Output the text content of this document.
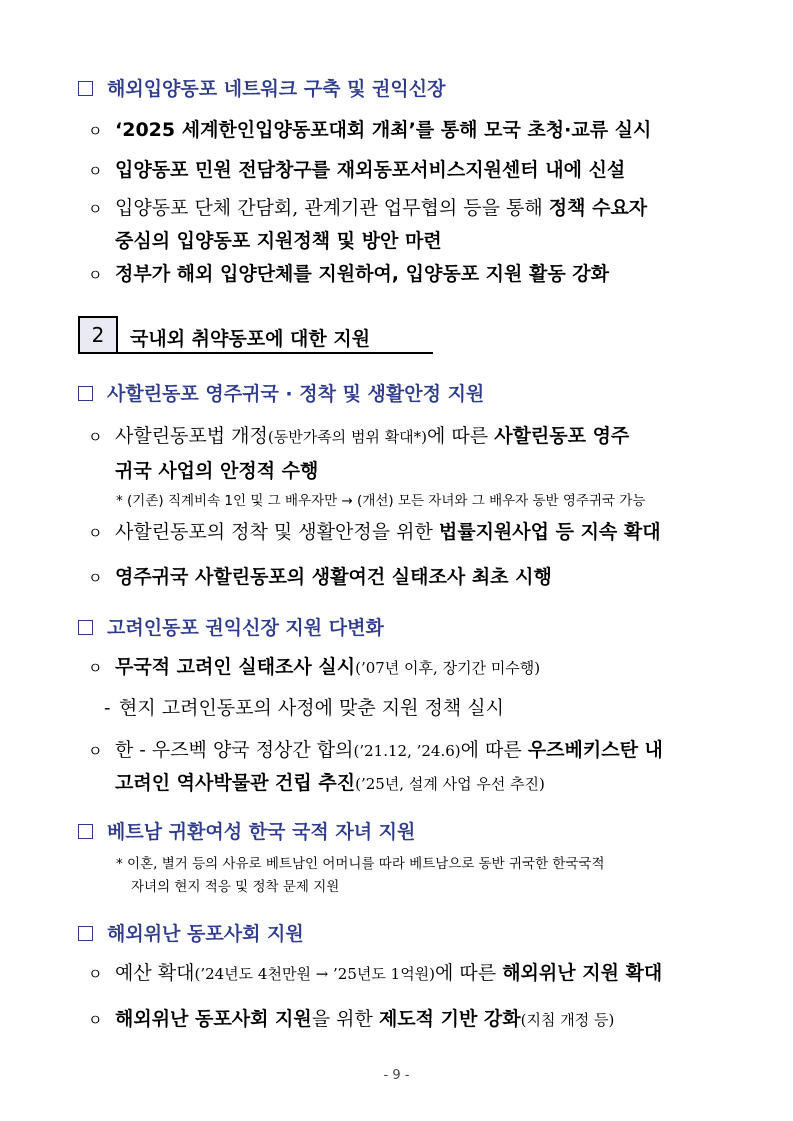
해외입양동포 네트워크 구축 및 권익신장
ㅇ ‘2025 세계한인입양동포대회 개최’를 통해 모국 초청·교류 실시
ㅇ 입양동포 민원 전담창구를 재외동포서비스지원센터 내에 신설
ㅇ 입양동포 단체 간담회, 관계기관 업무협의 등을 통해 정책 수요자
중심의 입양동포 지원정책 및 방안 마련
ㅇ 정부가 해외 입양단체를 지원하여, 입양동포 지원 활동 강화
2	국내외 취약동포에 대한 지원
사할린동포 영주귀국 · 정착 및 생활안정 지원
ㅇ 사할린동포법 개정(동반가족의 범위 확대*)에 따른 사할린동포 영주
귀국 사업의 안정적 수행
* (기존) 직계비속 1인 및 그 배우자만 → (개선) 모든 자녀와 그 배우자 동반 영주귀국 가능
ㅇ 사할린동포의 정착 및 생활안정을 위한 법률지원사업 등 지속 확대
ㅇ 영주귀국 사할린동포의 생활여건 실태조사 최초 시행
고려인동포 권익신장 지원 다변화
ㅇ 무국적 고려인 실태조사 실시(’07년 이후, 장기간 미수행)
- 현지 고려인동포의 사정에 맞춘 지원 정책 실시
ㅇ 한 - 우즈벡 양국 정상간 합의(’21.12, ’24.6)에 따른 우즈베키스탄 내
고려인 역사박물관 건립 추진(’25년, 설계 사업 우선 추진)
베트남 귀환여성 한국 국적 자녀 지원
* 이혼, 별거 등의 사유로 베트남인 어머니를 따라 베트남으로 동반 귀국한 한국국적
자녀의 현지 적응 및 정착 문제 지원
해외위난 동포사회 지원
ㅇ 예산 확대(’24년도 4천만원 → ’25년도 1억원)에 따른 해외위난 지원 확대
ㅇ 해외위난 동포사회 지원을 위한 제도적 기반 강화(지침 개정 등)
- 9 -
